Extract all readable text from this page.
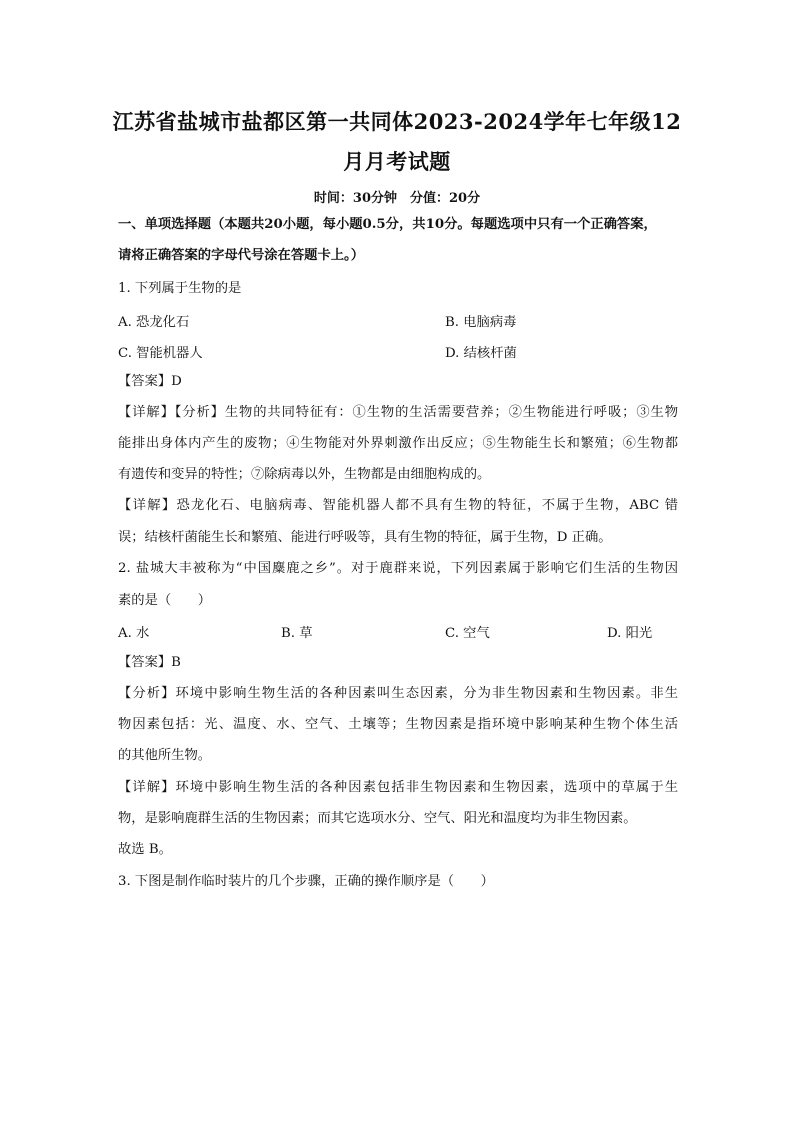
江苏省盐城市盐都区第一共同体2023-2024学年七年级12
月月考试题
时间：30分钟　分值：20分
一、单项选择题（本题共20小题，每小题0.5分，共10分。每题选项中只有一个正确答案，
请将正确答案的字母代号涂在答题卡上。）
1. 下列属于生物的是
A. 恐龙化石	B. 电脑病毒
C. 智能机器人	D. 结核杆菌
【答案】D
【详解】【分析】生物的共同特征有：①生物的生活需要营养；②生物能进行呼吸；③生物
能排出身体内产生的废物；④生物能对外界刺激作出反应；⑤生物能生长和繁殖；⑥生物都
有遗传和变异的特性；⑦除病毒以外，生物都是由细胞构成的。
【详解】恐龙化石、电脑病毒、智能机器人都不具有生物的特征，不属于生物，ABC 错
误；结核杆菌能生长和繁殖、能进行呼吸等，具有生物的特征，属于生物，D 正确。
2. 盐城大丰被称为“中国麋鹿之乡”。对于鹿群来说，下列因素属于影响它们生活的生物因
素的是（　　）
A. 水	B. 草	C. 空气	D. 阳光
【答案】B
【分析】环境中影响生物生活的各种因素叫生态因素，分为非生物因素和生物因素。非生
物因素包括：光、温度、水、空气、土壤等；生物因素是指环境中影响某种生物个体生活
的其他所生物。
【详解】环境中影响生物生活的各种因素包括非生物因素和生物因素，选项中的草属于生
物，是影响鹿群生活的生物因素；而其它选项水分、空气、阳光和温度均为非生物因素。
故选 B。
3. 下图是制作临时装片的几个步骤，正确的操作顺序是（　　）
